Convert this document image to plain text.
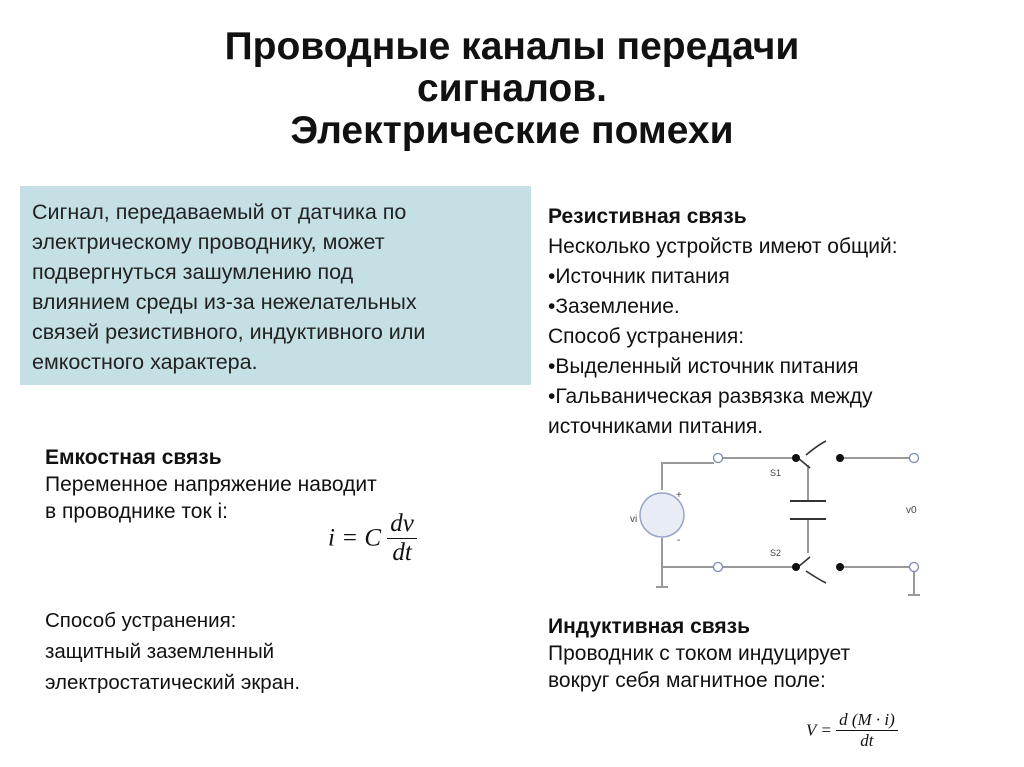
Проводные каналы передачи
сигналов.
Электрические помехи
Сигнал, передаваемый от датчика по
электрическому проводнику, может
подвергнуться зашумлению под
влиянием среды из-за нежелательных
связей резистивного, индуктивного или
емкостного характера.
Резистивная связь
Несколько устройств имеют общий:
•Источник питания
•Заземление.
Способ устранения:
•Выделенный источник питания
•Гальваническая развязка между
источниками питания.
Емкостная связь
Переменное напряжение наводит
в проводнике ток i:
i = C $\frac{dv}{dt}$
Способ устранения:
защитный заземленный
электростатический экран.
Индуктивная связь
Проводник с током индуцирует
вокруг себя магнитное поле:
$V = \frac{d (M \cdot i)}{dt}$
vi
+
-
S1
S2
v0
